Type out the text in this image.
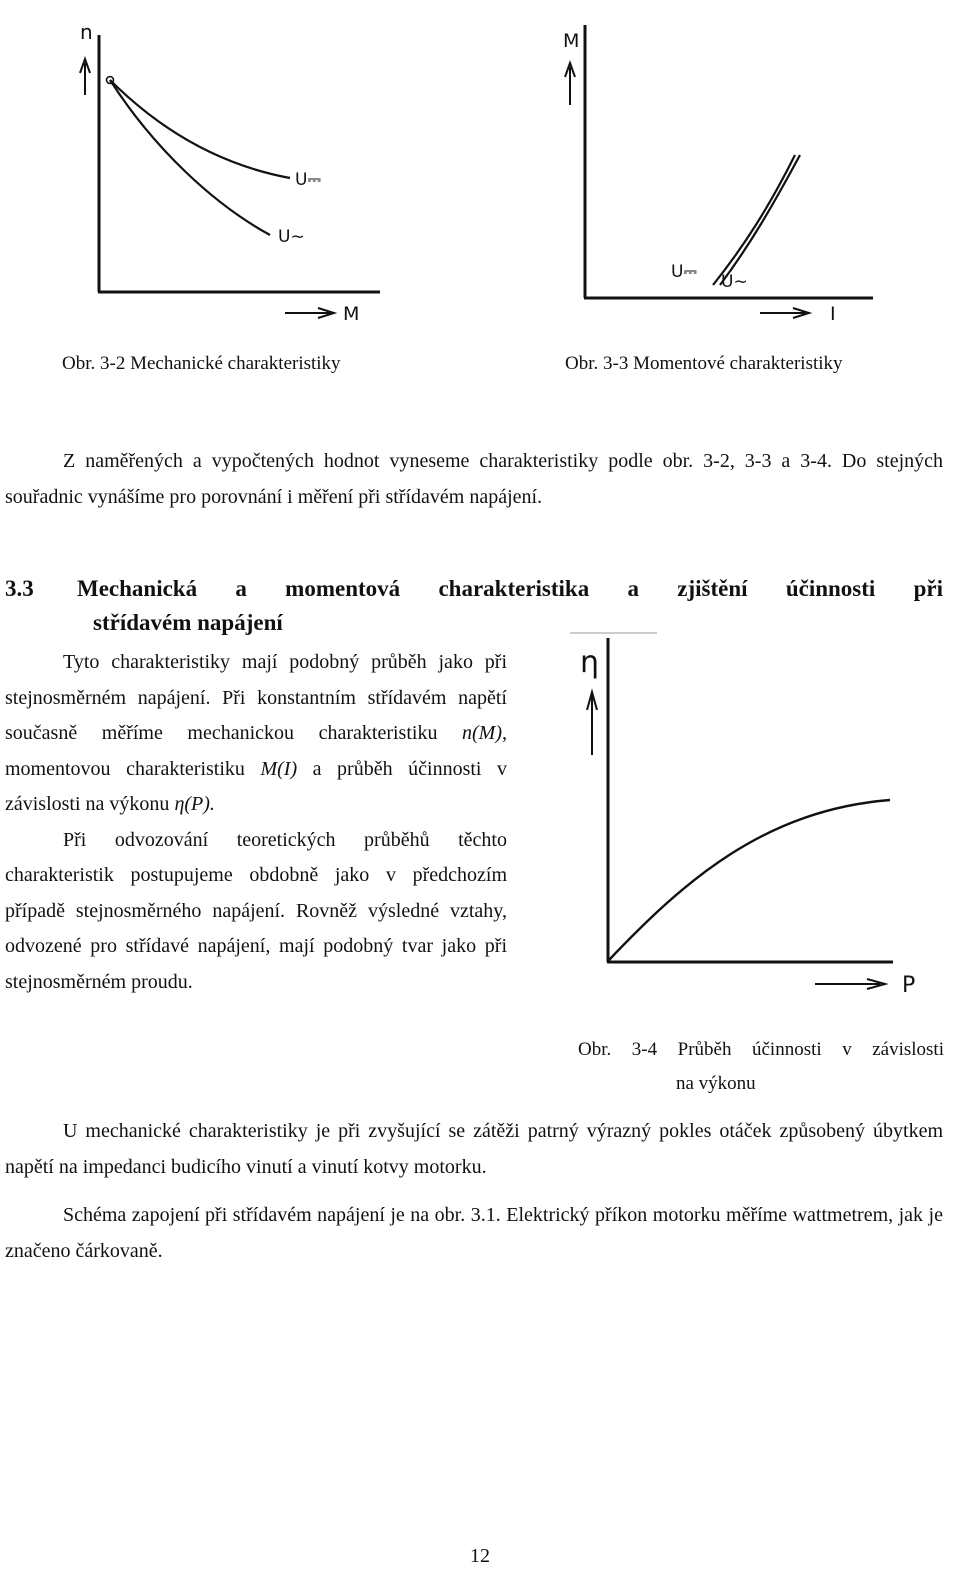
n
U⎓
U∼
M
Obr. 3-2 Mechanické charakteristiky
M
U⎓ U∼
I
Obr. 3-3 Momentové charakteristiky

Z naměřených a vypočtených hodnot vyneseme charakteristiky podle obr. 3-2, 3-3 a 3-4. Do stejných souřadnic vynášíme pro porovnání i měření při střídavém napájení.

3.3 Mechanická a momentová charakteristika a zjištění účinnosti při
střídavém napájení
η
P
Obr. 3-4 Průběh účinnosti v závislosti
na výkonu

Tyto charakteristiky mají podobný průběh jako při stejnosměrném napájení. Při konstantním střídavém napětí současně měříme mechanickou charakteristiku n(M), momentovou charakteristiku M(I) a průběh účinnosti v závislosti na výkonu η(P).

Při odvozování teoretických průběhů těchto charakteristik postupujeme obdobně jako v předchozím případě stejnosměrného napájení. Rovněž výsledné vztahy, odvozené pro střídavé napájení, mají podobný tvar jako při stejnosměrném proudu.

U mechanické charakteristiky je při zvyšující se zátěži patrný výrazný pokles otáček způsobený úbytkem napětí na impedanci budicího vinutí a vinutí kotvy motorku.

Schéma zapojení při střídavém napájení je na obr. 3.1. Elektrický příkon motorku měříme wattmetrem, jak je značeno čárkovaně.

12
